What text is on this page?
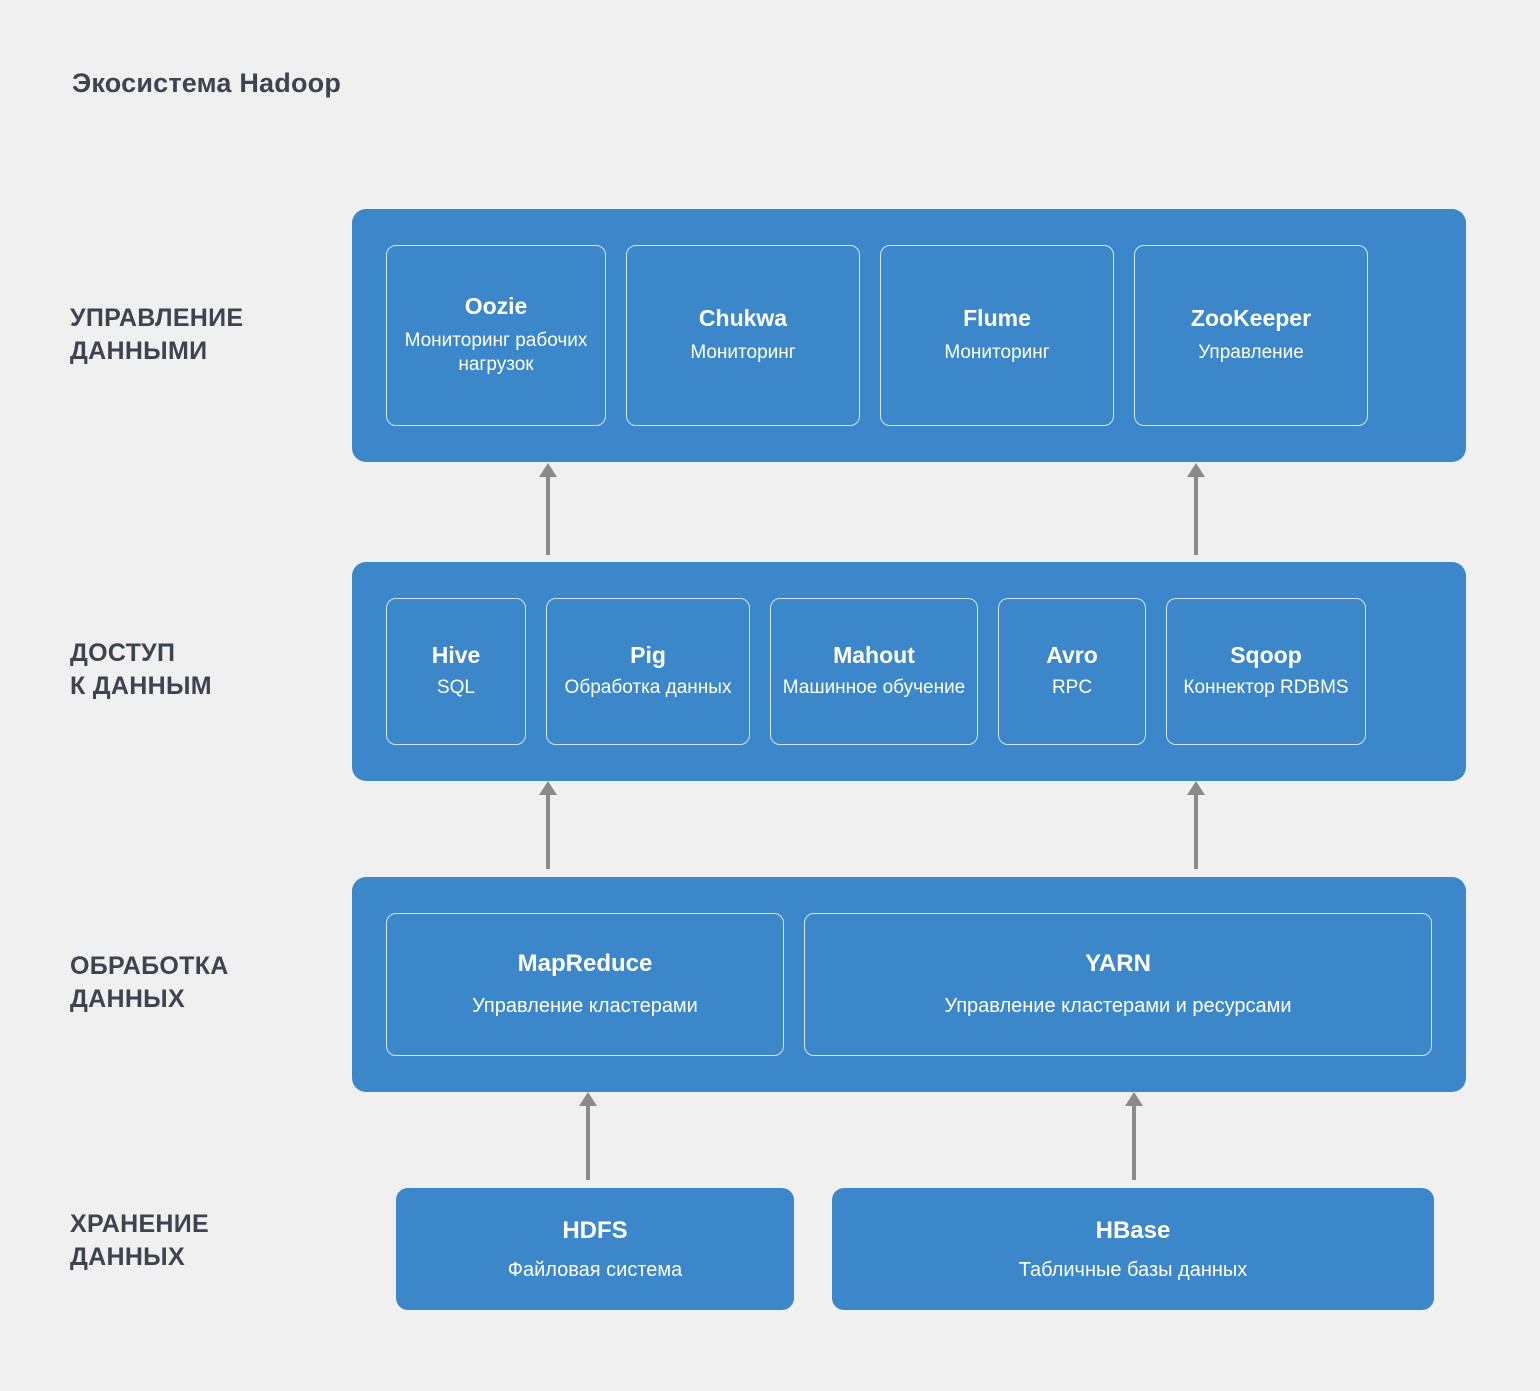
Экосистема Hadoop
УПРАВЛЕНИЕ
ДАННЫМИ
ДОСТУП
К ДАННЫМ
ОБРАБОТКА
ДАННЫХ
ХРАНЕНИЕ
ДАННЫХ
Oozie
Мониторинг рабочих нагрузок
Chukwa
Мониторинг
Flume
Мониторинг
ZooKeeper
Управление
Hive
SQL
Pig
Обработка данных
Mahout
Машинное обучение
Avro
RPC
Sqoop
Коннектор RDBMS
MapReduce
Управление кластерами
YARN
Управление кластерами и ресурсами
HDFS
Файловая система
HBase
Табличные базы данных
